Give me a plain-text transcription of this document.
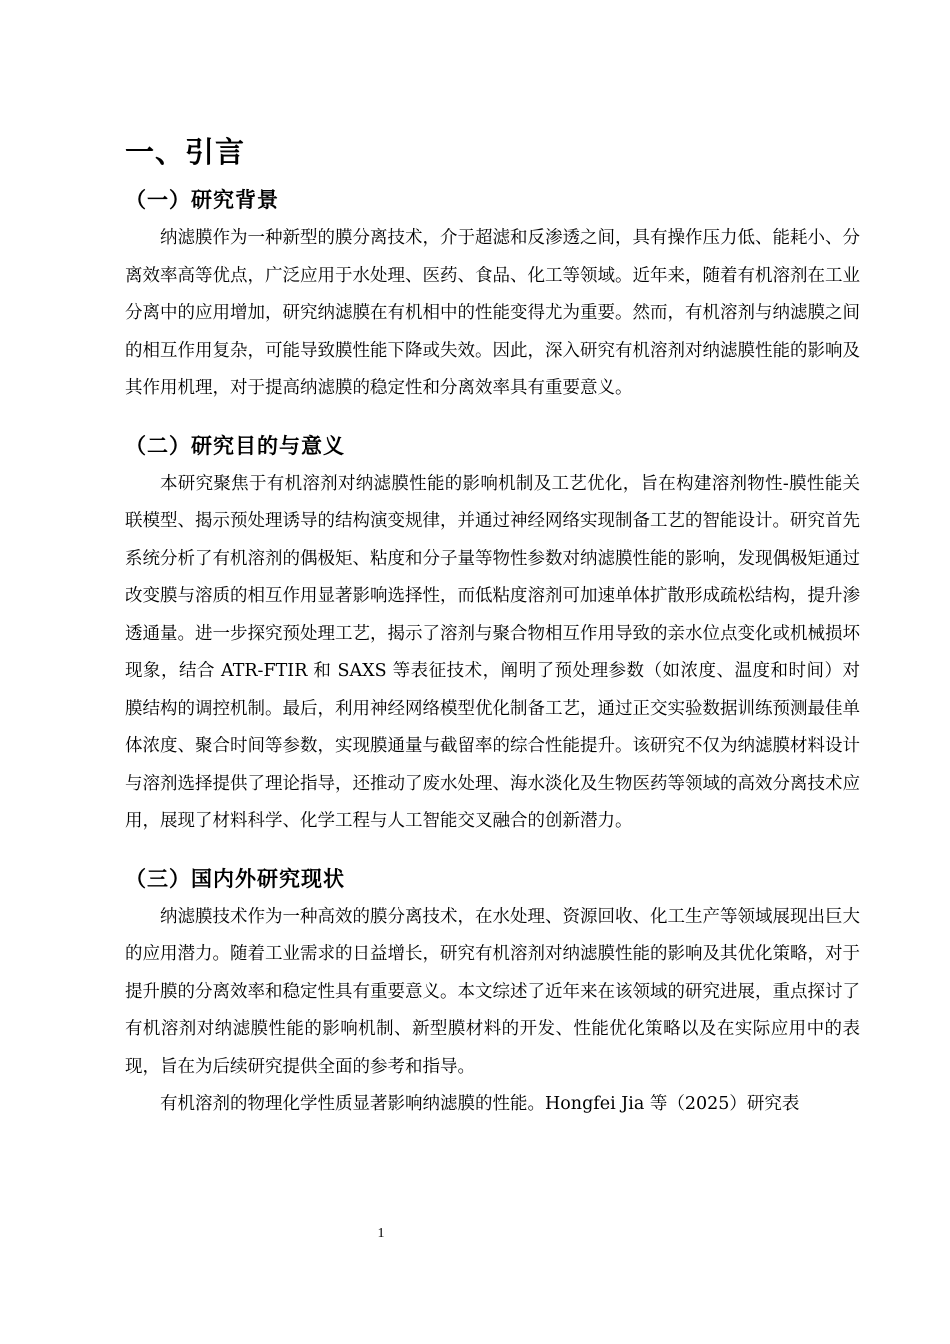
一、引言
（一）研究背景

纳滤膜作为一种新型的膜分离技术，介于超滤和反渗透之间，具有操作压力低、能耗小、分离效率高等优点，广泛应用于水处理、医药、食品、化工等领域。近年来，随着有机溶剂在工业分离中的应用增加，研究纳滤膜在有机相中的性能变得尤为重要。然而，有机溶剂与纳滤膜之间的相互作用复杂，可能导致膜性能下降或失效。因此，深入研究有机溶剂对纳滤膜性能的影响及其作用机理，对于提高纳滤膜的稳定性和分离效率具有重要意义。

（二）研究目的与意义

本研究聚焦于有机溶剂对纳滤膜性能的影响机制及工艺优化，旨在构建溶剂物性-膜性能关联模型、揭示预处理诱导的结构演变规律，并通过神经网络实现制备工艺的智能设计。研究首先系统分析了有机溶剂的偶极矩、粘度和分子量等物性参数对纳滤膜性能的影响，发现偶极矩通过改变膜与溶质的相互作用显著影响选择性，而低粘度溶剂可加速单体扩散形成疏松结构，提升渗透通量。进一步探究预处理工艺，揭示了溶剂与聚合物相互作用导致的亲水位点变化或机械损坏现象，结合 ATR-FTIR 和 SAXS 等表征技术，阐明了预处理参数（如浓度、温度和时间）对膜结构的调控机制。最后，利用神经网络模型优化制备工艺，通过正交实验数据训练预测最佳单体浓度、聚合时间等参数，实现膜通量与截留率的综合性能提升。该研究不仅为纳滤膜材料设计与溶剂选择提供了理论指导，还推动了废水处理、海水淡化及生物医药等领域的高效分离技术应用，展现了材料科学、化学工程与人工智能交叉融合的创新潜力。

（三）国内外研究现状

纳滤膜技术作为一种高效的膜分离技术，在水处理、资源回收、化工生产等领域展现出巨大的应用潜力。随着工业需求的日益增长，研究有机溶剂对纳滤膜性能的影响及其优化策略，对于提升膜的分离效率和稳定性具有重要意义。本文综述了近年来在该领域的研究进展，重点探讨了有机溶剂对纳滤膜性能的影响机制、新型膜材料的开发、性能优化策略以及在实际应用中的表现，旨在为后续研究提供全面的参考和指导。

有机溶剂的物理化学性质显著影响纳滤膜的性能。Hongfei Jia 等（2025）研究表

1
